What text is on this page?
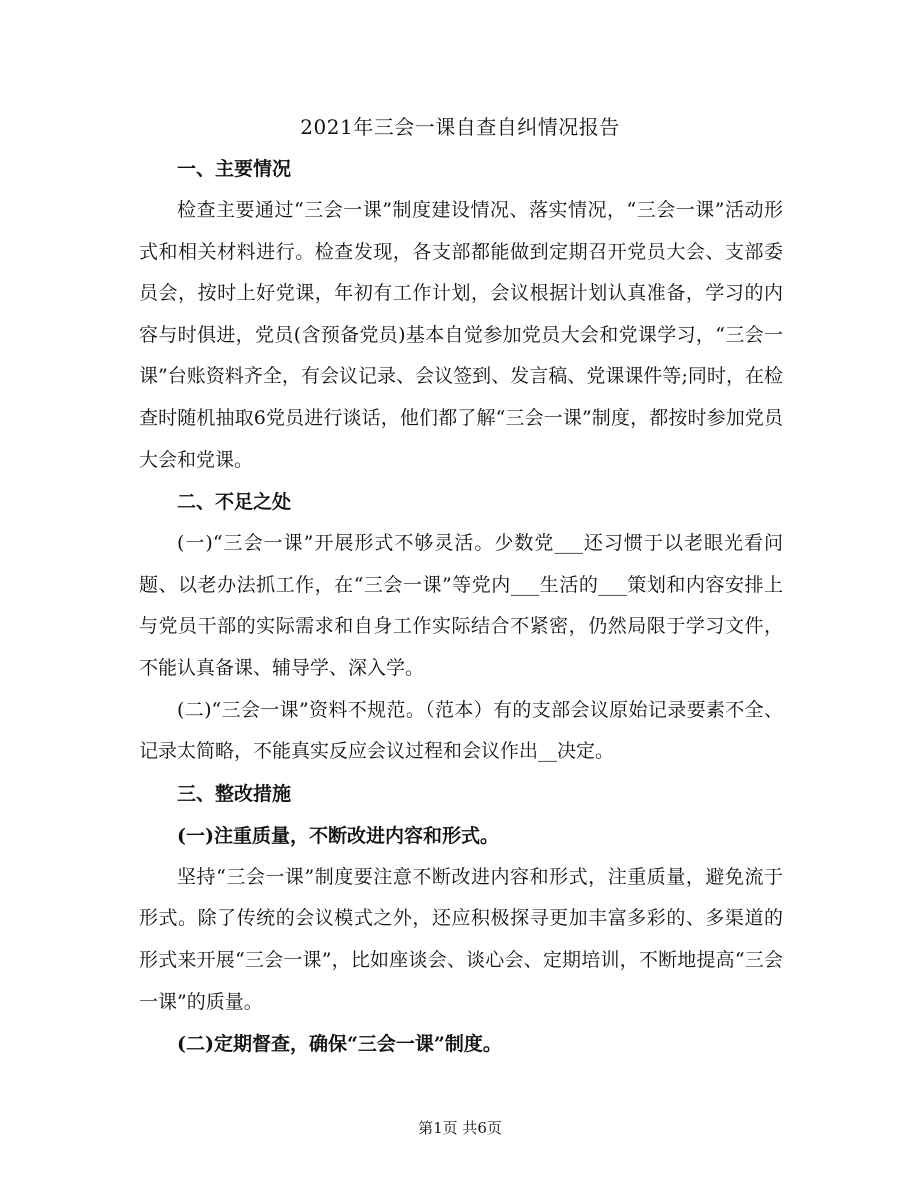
2021年三会一课自查自纠情况报告

一、主要情况

检查主要通过“三会一课”制度建设情况、落实情况，“三会一课”活动形式和相关材料进行。检查发现，各支部都能做到定期召开党员大会、支部委员会，按时上好党课，年初有工作计划，会议根据计划认真准备，学习的内容与时俱进，党员(含预备党员)基本自觉参加党员大会和党课学习，“三会一课”台账资料齐全，有会议记录、会议签到、发言稿、党课课件等;同时，在检查时随机抽取6党员进行谈话，他们都了解“三会一课”制度，都按时参加党员大会和党课。

二、不足之处

(一)“三会一课”开展形式不够灵活。少数党___还习惯于以老眼光看问题、以老办法抓工作，在“三会一课”等党内___生活的___策划和内容安排上与党员干部的实际需求和自身工作实际结合不紧密，仍然局限于学习文件，不能认真备课、辅导学、深入学。

(二)“三会一课”资料不规范。（范本）有的支部会议原始记录要素不全、记录太简略，不能真实反应会议过程和会议作出__决定。

三、整改措施

(一)注重质量，不断改进内容和形式。

坚持“三会一课”制度要注意不断改进内容和形式，注重质量，避免流于形式。除了传统的会议模式之外，还应积极探寻更加丰富多彩的、多渠道的形式来开展“三会一课”，比如座谈会、谈心会、定期培训，不断地提高“三会一课”的质量。

(二)定期督查，确保“三会一课”制度。

第1页 共6页
